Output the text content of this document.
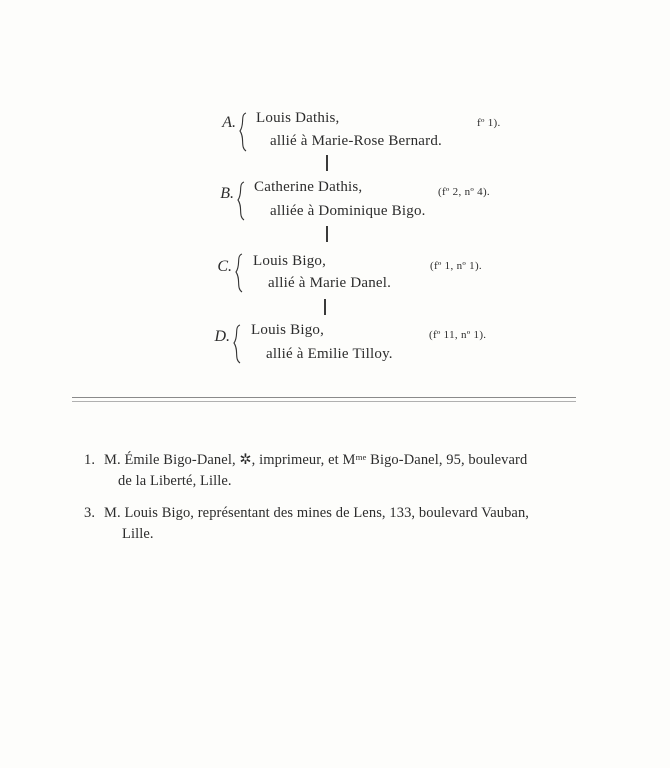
A. Louis Dathis,
allié à Marie-Rose Bernard.
fº 1).
B. Catherine Dathis,
alliée à Dominique Bigo.
(fº 2, nº 4).
C. Louis Bigo,
allié à Marie Danel.
(fº 1, nº 1).
D. Louis Bigo,
allié à Emilie Tilloy.
(fº 11, nº 1).
1. M. Émile Bigo-Danel, ✲, imprimeur, et Mᵐᵉ Bigo-Danel, 95, boulevard
de la Liberté, Lille.
3. M. Louis Bigo, représentant des mines de Lens, 133, boulevard Vauban,
Lille.
